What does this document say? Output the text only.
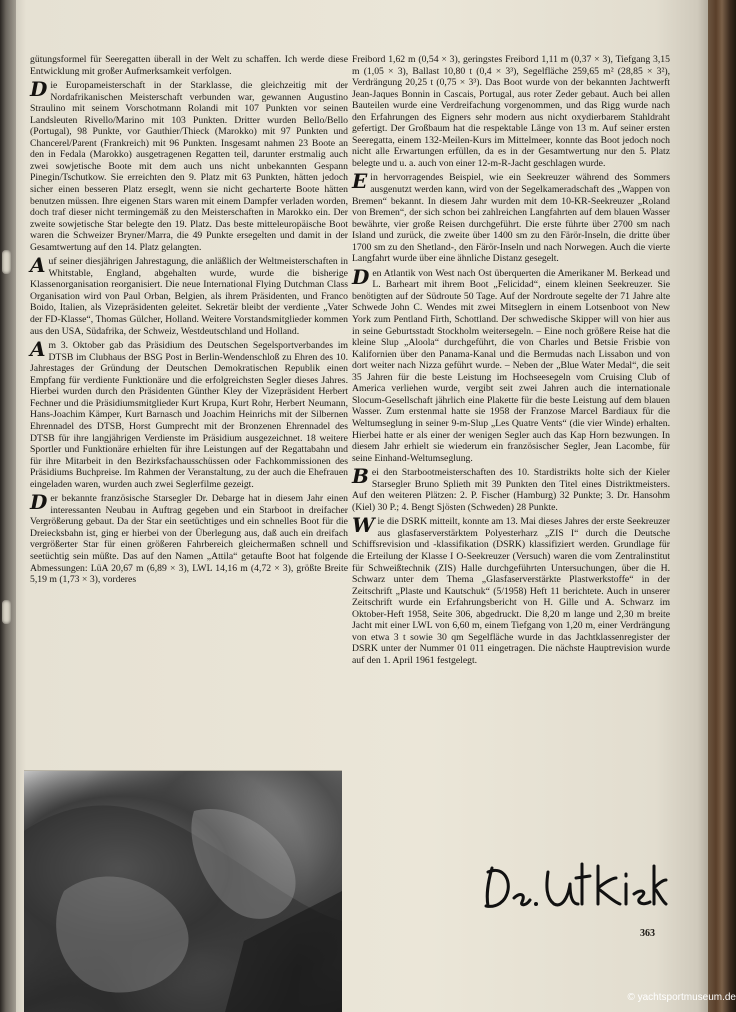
gütungsformel für Seeregatten überall in der Welt zu schaffen. Ich werde diese Entwicklung mit großer Aufmerksamkeit verfolgen.

Die Europameisterschaft in der Starklasse, die gleichzeitig mit der Nordafrikanischen Meisterschaft verbunden war, gewannen Augustino Straulino mit seinem Vorschotmann Rolandi mit 107 Punkten vor seinen Landsleuten Rivello/Marino mit 103 Punkten. Dritter wurden Bello/Bello (Portugal), 98 Punkte, vor Gauthier/Thieck (Marokko) mit 97 Punkten und Chancerel/Parent (Frankreich) mit 96 Punkten. Insgesamt nahmen 23 Boote an den in Fedala (Marokko) ausgetragenen Regatten teil, darunter erstmalig auch zwei sowjetische Boote mit dem auch uns nicht unbekannten Gespann Pinegin/Tschutkow. Sie erreichten den 9. Platz mit 63 Punkten, hätten jedoch sicher einen besseren Platz erseglt, wenn sie nicht gecharterte Boote hätten benutzen müssen. Ihre eigenen Stars waren mit einem Dampfer verladen worden, doch traf dieser nicht termingemäß zu den Meisterschaften in Marokko ein. Der zweite sowjetische Star belegte den 19. Platz. Das beste mitteleuropäische Boot waren die Schweizer Bryner/Marra, die 49 Punkte ersegelten und damit in der Gesamtwertung auf den 14. Platz gelangten.

Auf seiner diesjährigen Jahrestagung, die anläßlich der Weltmeisterschaften in Whitstable, England, abgehalten wurde, wurde die bisherige Klassenorganisation reorganisiert. Die neue International Flying Dutchman Class Organisation wird von Paul Orban, Belgien, als ihrem Präsidenten, und Franco Boido, Italien, als Vizepräsidenten geleitet. Sekretär bleibt der verdiente „Vater der FD-Klasse“, Thomas Gülcher, Holland. Weitere Vorstandsmitglieder kommen aus den USA, Südafrika, der Schweiz, Westdeutschland und Holland.

Am 3. Oktober gab das Präsidium des Deutschen Segelsportverbandes im DTSB im Clubhaus der BSG Post in Berlin-Wendenschloß zu Ehren des 10. Jahrestages der Gründung der Deutschen Demokratischen Republik einen Empfang für verdiente Funktionäre und die erfolgreichsten Segler dieses Jahres. Hierbei wurden durch den Präsidenten Günther Kley der Vizepräsident Herbert Fechner und die Präsidiumsmitglieder Kurt Krupa, Kurt Rohr, Herbert Neumann, Hans-Joachim Kämper, Kurt Barnasch und Joachim Heinrichs mit der Silbernen Ehrennadel des DTSB, Horst Gumprecht mit der Bronzenen Ehrennadel des DTSB für ihre langjährigen Verdienste im Präsidium ausgezeichnet. 18 weitere Sportler und Funktionäre erhielten für ihre Leistungen auf der Regattabahn und für ihre Mitarbeit in den Bezirksfachausschüssen oder Fachkommissionen des Präsidiums Buchpreise. Im Rahmen der Veranstaltung, zu der auch die Ehefrauen eingeladen waren, wurden auch zwei Seglerfilme gezeigt.

Der bekannte französische Starsegler Dr. Debarge hat in diesem Jahr einen interessanten Neubau in Auftrag gegeben und ein Starboot in dreifacher Vergrößerung gebaut. Da der Star ein seetüchtiges und ein schnelles Boot für die Dreiecksbahn ist, ging er hierbei von der Überlegung aus, daß auch ein dreifach vergrößerter Star für einen größeren Fahrbereich gleichermaßen schnell und seetüchtig sein müßte. Das auf den Namen „Attila“ getaufte Boot hat folgende Abmessungen: LüA 20,67 m (6,89 × 3), LWL 14,16 m (4,72 × 3), größte Breite 5,19 m (1,73 × 3), vorderes

Freibord 1,62 m (0,54 × 3), geringstes Freibord 1,11 m (0,37 × 3), Tiefgang 3,15 m (1,05 × 3), Ballast 10,80 t (0,4 × 3³), Segelfläche 259,65 m² (28,85 × 3²), Verdrängung 20,25 t (0,75 × 3³). Das Boot wurde von der bekannten Jachtwerft Jean-Jaques Bonnin in Cascais, Portugal, aus roter Zeder gebaut. Auch bei allen Bauteilen wurde eine Verdreifachung vorgenommen, und das Rigg wurde nach den Erfahrungen des Eigners sehr modern aus nicht oxydierbarem Stahldraht gefertigt. Der Großbaum hat die respektable Länge von 13 m. Auf seiner ersten Seeregatta, einem 132-Meilen-Kurs im Mittelmeer, konnte das Boot jedoch noch nicht alle Erwartungen erfüllen, da es in der Gesamtwertung nur den 5. Platz belegte und u. a. auch von einer 12-m-R-Jacht geschlagen wurde.

Ein hervorragendes Beispiel, wie ein Seekreuzer während des Sommers ausgenutzt werden kann, wird von der Segelkameradschaft des „Wappen von Bremen“ bekannt. In diesem Jahr wurden mit dem 10-KR-Seekreuzer „Roland von Bremen“, der sich schon bei zahlreichen Langfahrten auf dem blauen Wasser bewährte, vier große Reisen durchgeführt. Die erste führte über 2700 sm nach Island und zurück, die zweite über 1400 sm zu den Färör-Inseln, die dritte über 1700 sm zu den Shetland-, den Färör-Inseln und nach Norwegen. Auch die vierte Langfahrt wurde über eine ähnliche Distanz gesegelt.

Den Atlantik von West nach Ost überquerten die Amerikaner M. Berkead und L. Barheart mit ihrem Boot „Felicidad“, einem kleinen Seekreuzer. Sie benötigten auf der Südroute 50 Tage. Auf der Nordroute segelte der 71 Jahre alte Schwede John C. Wendes mit zwei Mitseglern in einem Lotsenboot von New York zum Pentland Firth, Schottland. Der schwedische Skipper will von hier aus in seine Geburtsstadt Stockholm weitersegeln. – Eine noch größere Reise hat die kleine Slup „Aloola“ durchgeführt, die von Charles und Betsie Frisbie von Kalifornien über den Panama-Kanal und die Bermudas nach Lissabon und von dort weiter nach Nizza geführt wurde. – Neben der „Blue Water Medal“, die seit 35 Jahren für die beste Leistung im Hochseesegeln vom Cruising Club of America verliehen wurde, vergibt seit zwei Jahren auch die internationale Slocum-Gesellschaft jährlich eine Plakette für die beste Leistung auf dem blauen Wasser. Zum erstenmal hatte sie 1958 der Franzose Marcel Bardiaux für die Weltumseglung in seiner 9-m-Slup „Les Quatre Vents“ (die vier Winde) erhalten. Hierbei hatte er als einer der wenigen Segler auch das Kap Horn bezwungen. In diesem Jahr erhielt sie wiederum ein französischer Segler, Jean Lacombe, für seine Einhand-Weltumseglung.

Bei den Starbootmeisterschaften des 10. Stardistrikts holte sich der Kieler Starsegler Bruno Splieth mit 39 Punkten den Titel eines Distriktmeisters. Auf den weiteren Plätzen: 2. P. Fischer (Hamburg) 32 Punkte; 3. Dr. Hansohm (Kiel) 30 P.; 4. Bengt Sjösten (Schweden) 28 Punkte.

Wie die DSRK mitteilt, konnte am 13. Mai dieses Jahres der erste Seekreuzer aus glasfaserverstärktem Polyesterharz „ZIS I“ durch die Deutsche Schiffsrevision und -klassifikation (DSRK) klassifiziert werden. Grundlage für die Erteilung der Klasse I O-Seekreuzer (Versuch) waren die vom Zentralinstitut für Schweißtechnik (ZIS) Halle durchgeführten Untersuchungen, über die H. Schwarz unter dem Thema „Glasfaserverstärkte Plastwerkstoffe“ in der Zeitschrift „Plaste und Kautschuk“ (5/1958) Heft 11 berichtete. Auch in unserer Zeitschrift wurde ein Erfahrungsbericht von H. Gille und A. Schwarz im Oktober-Heft 1958, Seite 306, abgedruckt. Die 8,20 m lange und 2,30 m breite Jacht mit einer LWL von 6,60 m, einem Tiefgang von 1,20 m, einer Verdrängung von etwa 3 t sowie 30 qm Segelfläche wurde in das Jachtklassenregister der DSRK unter der Nummer 01 011 eingetragen. Die nächste Hauptrevision wurde auf den 1. April 1961 festgelegt.

363
© yachtsportmuseum.de
